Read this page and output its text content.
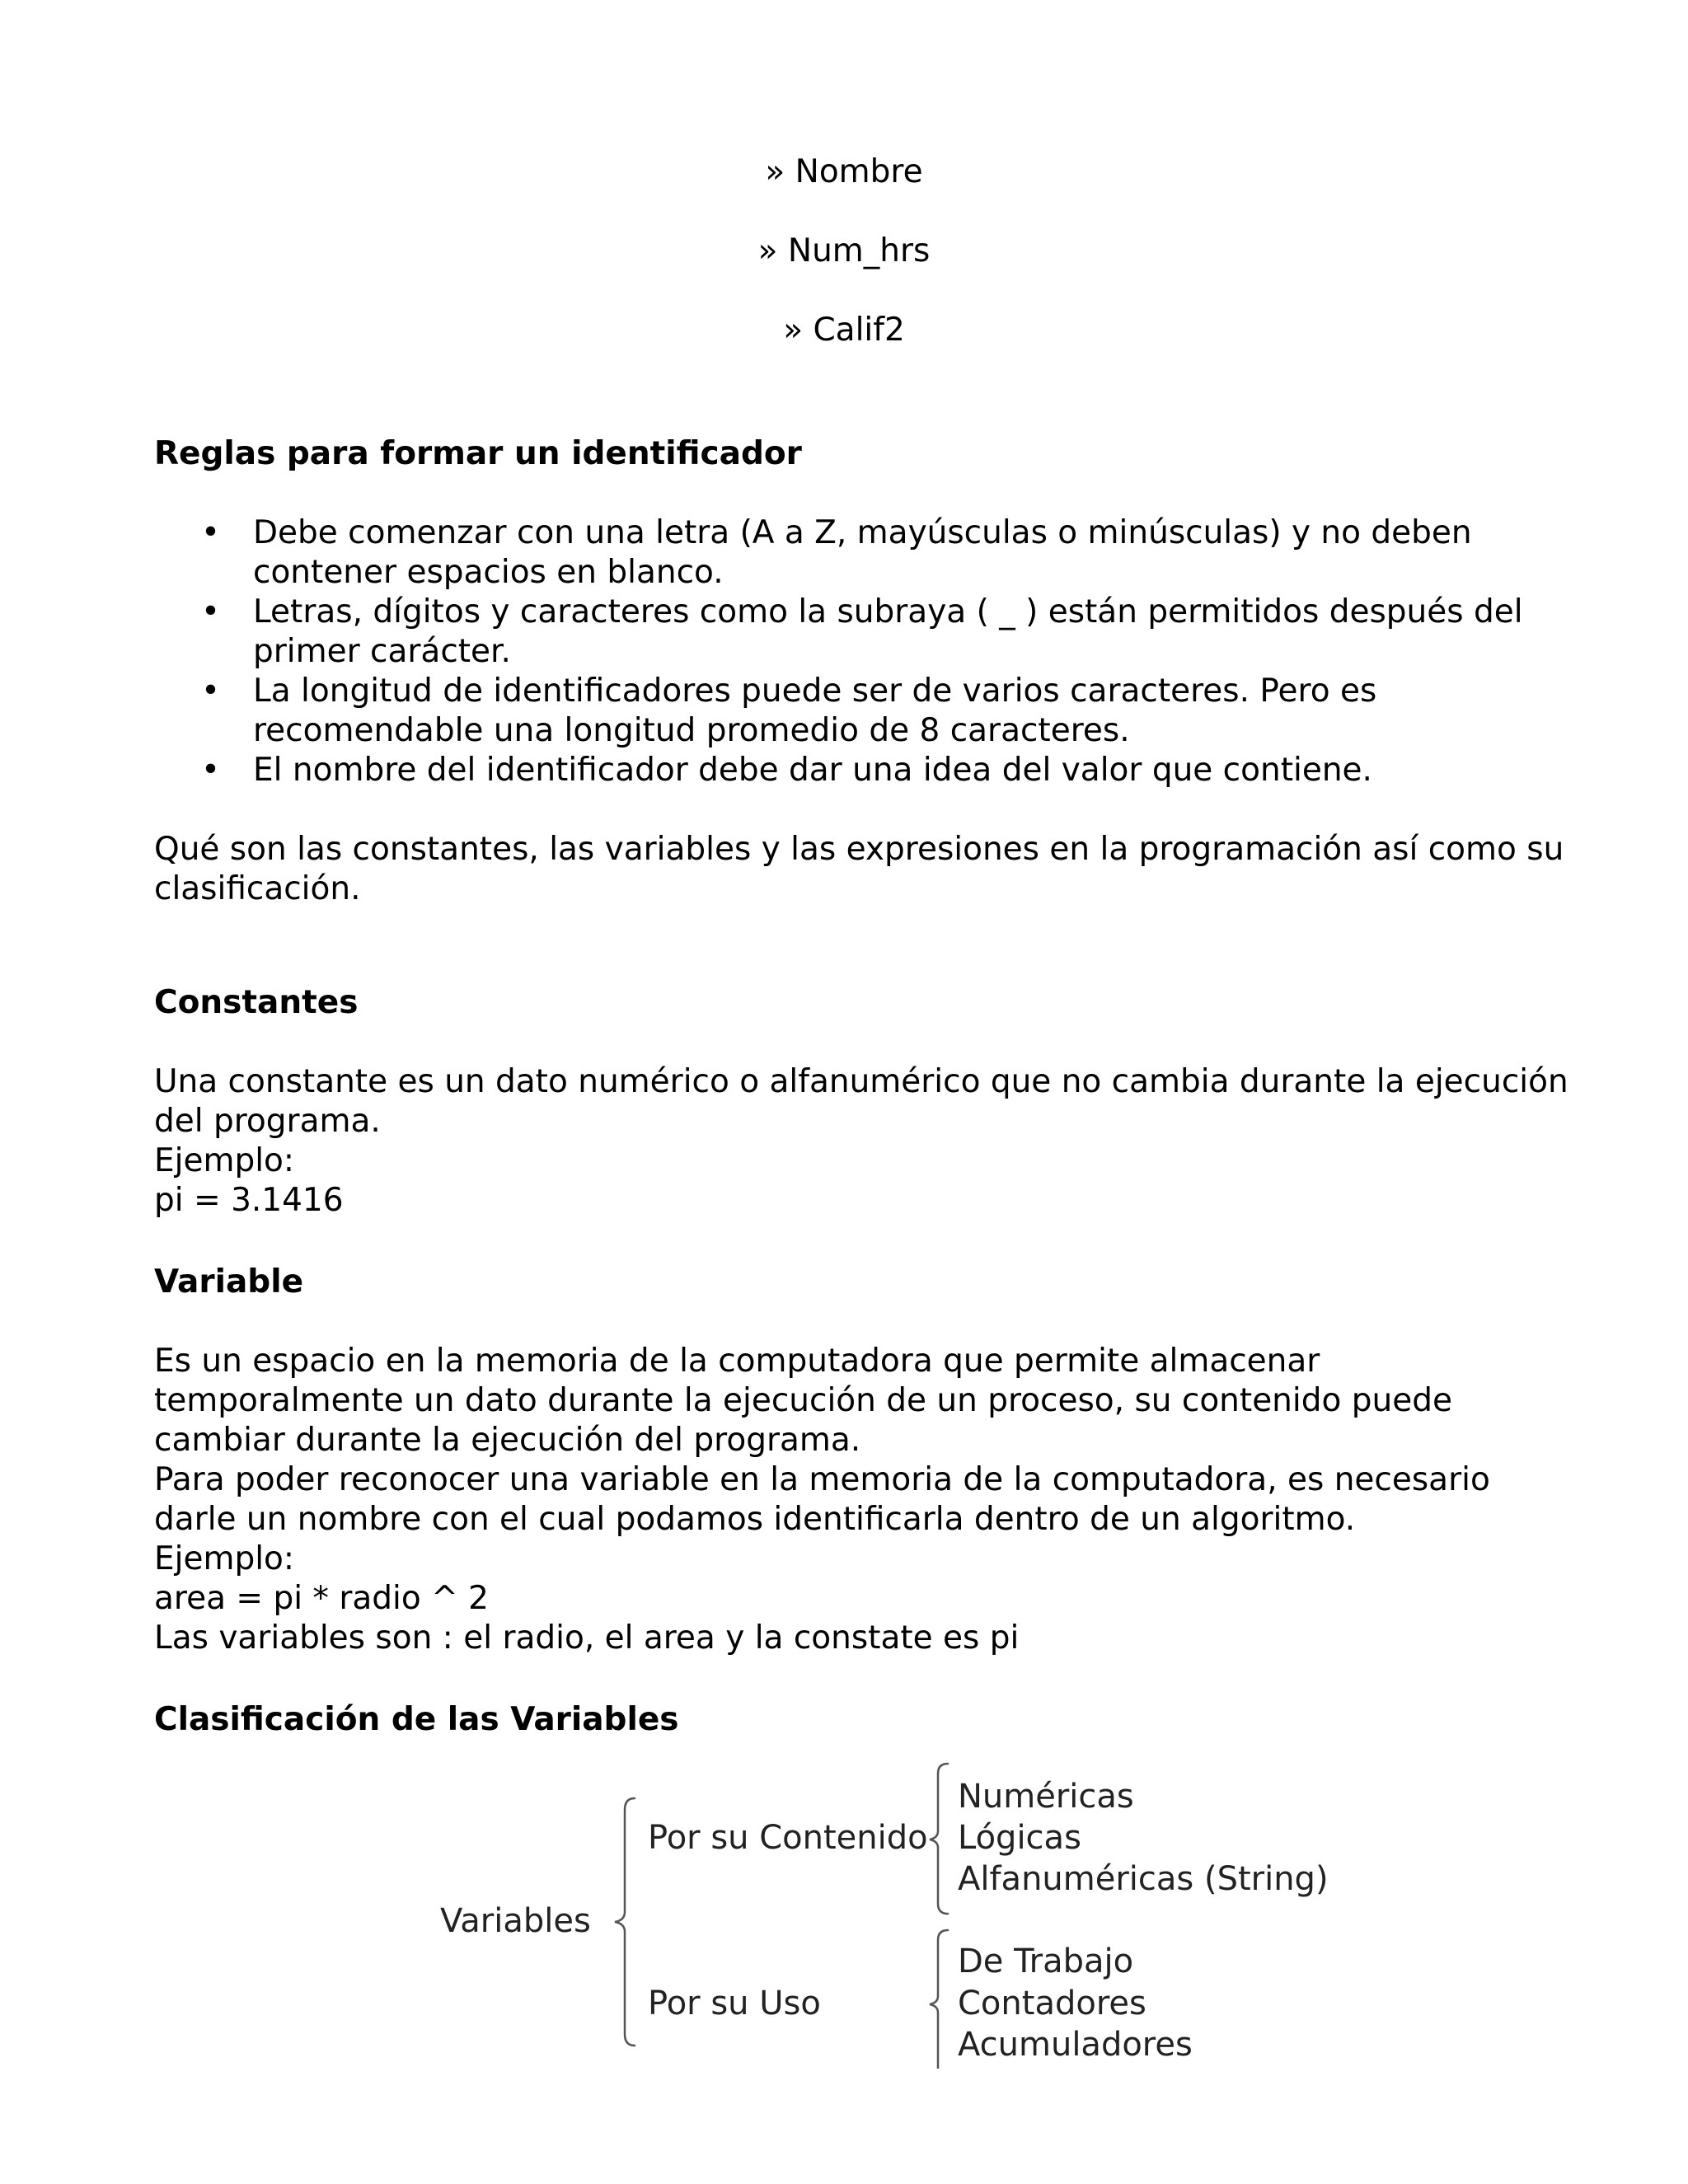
» Nombre
» Num_hrs
» Calif2
Reglas para formar un identificador
• Debe comenzar con una letra (A a Z, mayúsculas o minúsculas) y no deben contener espacios en blanco.
• Letras, dígitos y caracteres como la subraya ( _ ) están permitidos después del primer carácter.
• La longitud de identificadores puede ser de varios caracteres. Pero es recomendable una longitud promedio de 8 caracteres.
• El nombre del identificador debe dar una idea del valor que contiene.

Qué son las constantes, las variables y las expresiones en la programación así como su clasificación.

Constantes

Una constante es un dato numérico o alfanumérico que no cambia durante la ejecución del programa.

Ejemplo:

pi = 3.1416

Variable

Es un espacio en la memoria de la computadora que permite almacenar temporalmente un dato durante la ejecución de un proceso, su contenido puede cambiar durante la ejecución del programa.

Para poder reconocer una variable en la memoria de la computadora, es necesario darle un nombre con el cual podamos identificarla dentro de un algoritmo.

Ejemplo:

area = pi * radio ^ 2

Las variables son : el radio, el area y la constate es pi

Clasificación de las Variables
Variables
Por su Contenido
Por su Uso
Numéricas
Lógicas
Alfanuméricas (String)
De Trabajo
Contadores
Acumuladores
